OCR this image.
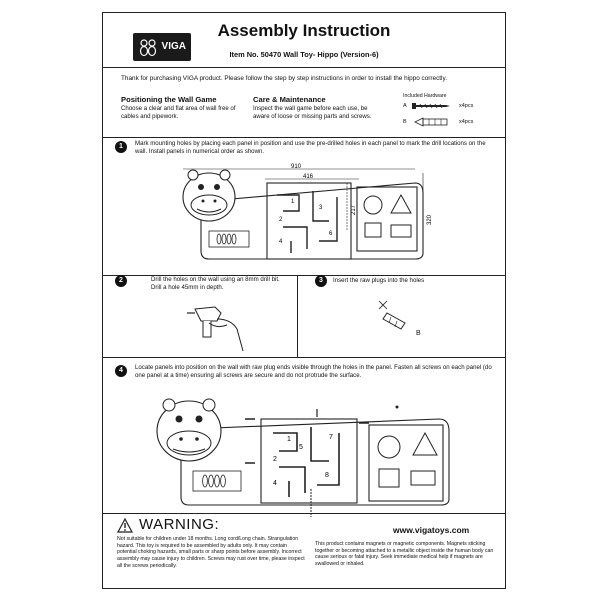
VIGA
Assembly Instruction
Item No. 50470 Wall Toy- Hippo (Version-6)
Thank for purchasing VIGA product. Please follow the step by step instructions in order to install the hippo correctly.
Positioning the Wall Game
Choose a clear and flat area of wall free of cables and pipework.
Care & Maintenance
Inspect the wall game before each use, be aware of loose or missing parts and screws.
Included Hardware
A	x4pcs
B	x4pcs
1	Mark mounting holes by placing each panel in position and use the pre-drilled holes in each panel to mark the drill locations on the wall. Install panels in numerical order as shown.
910
416
217
320
1
2
3
4
6
2	Drill the holes on the wall using an 8mm drill bit.
Drill a hole 45mm in depth.
3	Insert the raw plugs into the holes
B
4	Locate panels into position on the wall with raw plug ends visible through the holes in the panel. Fasten all screws on each panel (do one panel at a time) ensuring all screws are secure and do not protrude the surface.
1
2
5
7
4
8
WARNING:	www.vigatoys.com
Not suitable for children under 18 months. Long cord/Long chain. Strangulation hazard. This toy is required to be assembled by adults only. It may contain potential choking hazards, small parts or sharp points before assembly. Incorrect assembly may cause injury to children. Screws may rust over time, please inspect all the screws periodically.
This product contains magnets or magnetic components. Magnets sticking together or becoming attached to a metallic object inside the human body can cause serious or fatal injury. Seek immediate medical help if magnets are swallowed or inhaled.
